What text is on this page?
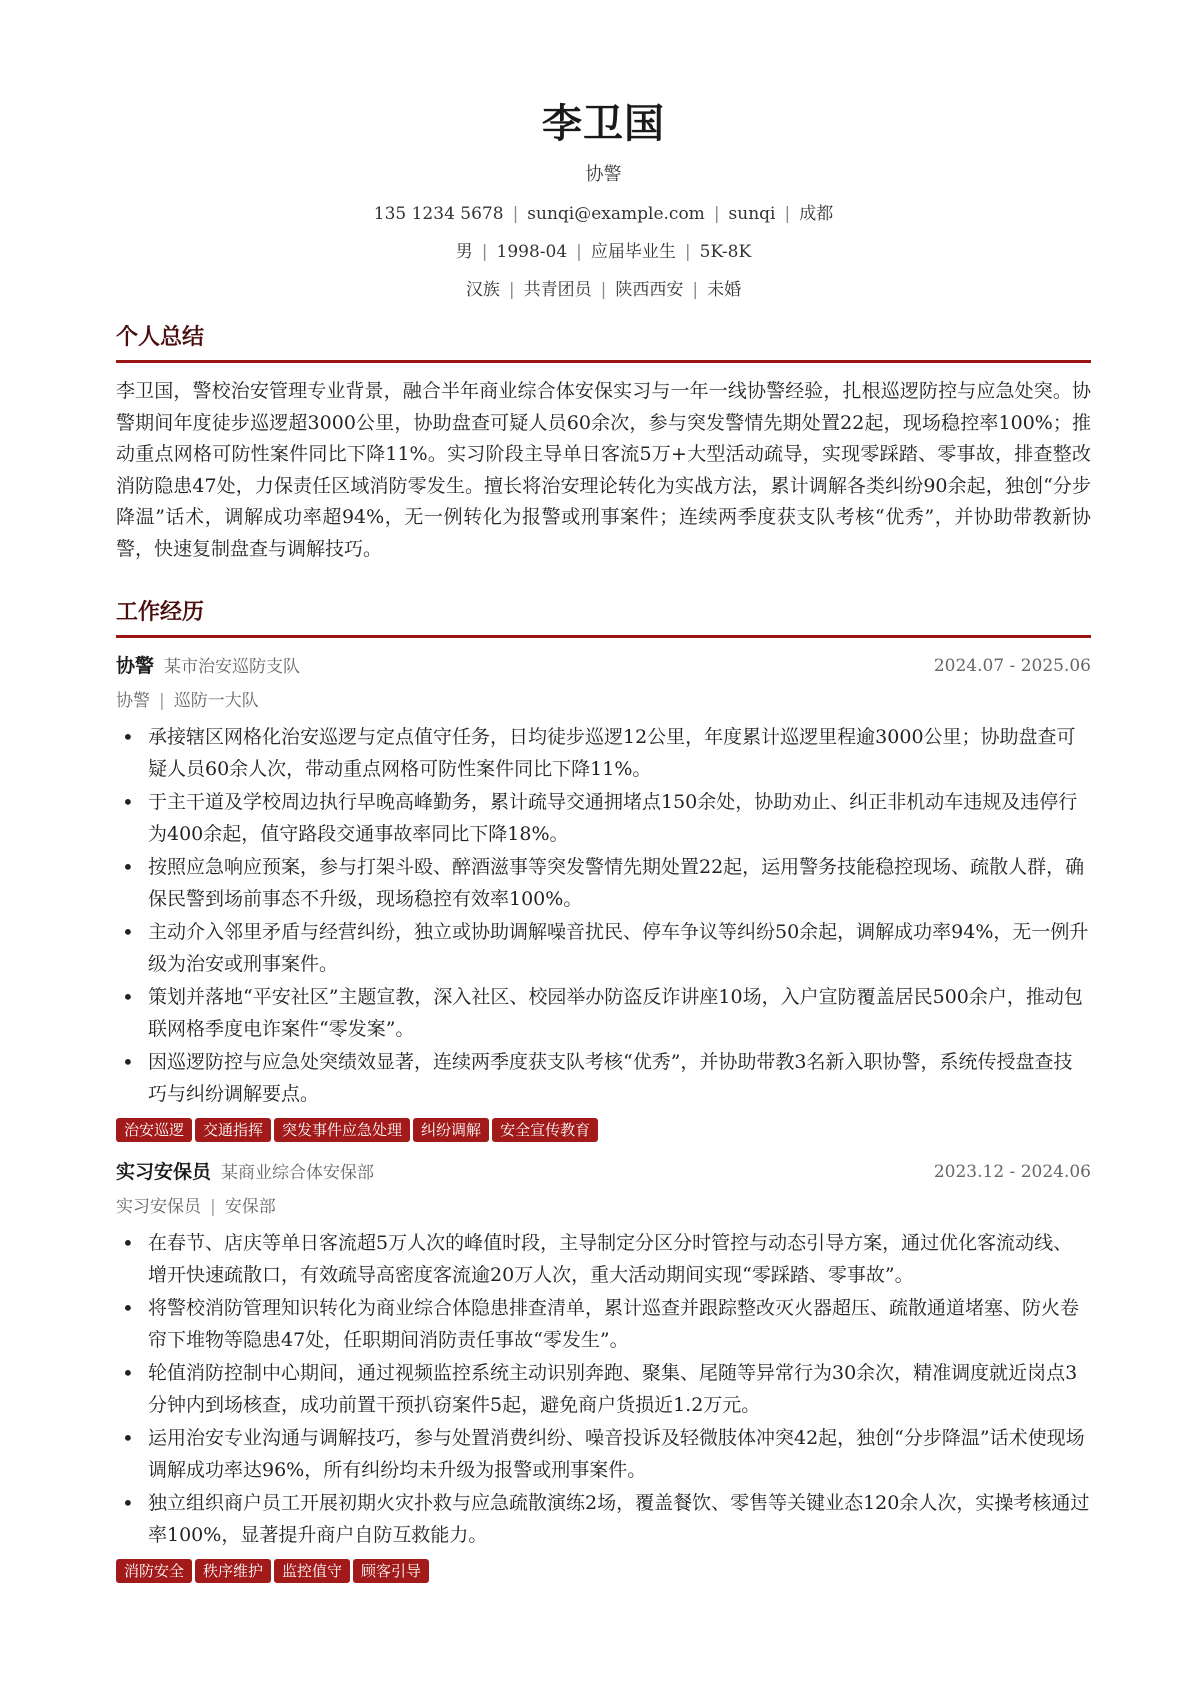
李卫国
协警
135 1234 5678 | sunqi@example.com | sunqi | 成都
男 | 1998-04 | 应届毕业生 | 5K-8K
汉族 | 共青团员 | 陕西西安 | 未婚
个人总结
李卫国，警校治安管理专业背景，融合半年商业综合体安保实习与一年一线协警经验，扎根巡逻防控与应急处突。协警期间年度徒步巡逻超3000公里，协助盘查可疑人员60余次，参与突发警情先期处置22起，现场稳控率100%；推动重点网格可防性案件同比下降11%。实习阶段主导单日客流5万+大型活动疏导，实现零踩踏、零事故，排查整改消防隐患47处，力保责任区域消防零发生。擅长将治安理论转化为实战方法，累计调解各类纠纷90余起，独创“分步降温”话术，调解成功率超94%，无一例转化为报警或刑事案件；连续两季度获支队考核“优秀”，并协助带教新协警，快速复制盘查与调解技巧。
工作经历
协警 某市治安巡防支队	2024.07 - 2025.06
协警 | 巡防一大队
• 承接辖区网格化治安巡逻与定点值守任务，日均徒步巡逻12公里，年度累计巡逻里程逾3000公里；协助盘查可疑人员60余人次，带动重点网格可防性案件同比下降11%。
• 于主干道及学校周边执行早晚高峰勤务，累计疏导交通拥堵点150余处，协助劝止、纠正非机动车违规及违停行为400余起，值守路段交通事故率同比下降18%。
• 按照应急响应预案，参与打架斗殴、醉酒滋事等突发警情先期处置22起，运用警务技能稳控现场、疏散人群，确保民警到场前事态不升级，现场稳控有效率100%。
• 主动介入邻里矛盾与经营纠纷，独立或协助调解噪音扰民、停车争议等纠纷50余起，调解成功率94%，无一例升级为治安或刑事案件。
• 策划并落地“平安社区”主题宣教，深入社区、校园举办防盗反诈讲座10场，入户宣防覆盖居民500余户，推动包联网格季度电诈案件“零发案”。
• 因巡逻防控与应急处突绩效显著，连续两季度获支队考核“优秀”，并协助带教3名新入职协警，系统传授盘查技巧与纠纷调解要点。
治安巡逻 交通指挥 突发事件应急处理 纠纷调解 安全宣传教育
实习安保员 某商业综合体安保部	2023.12 - 2024.06
实习安保员 | 安保部
• 在春节、店庆等单日客流超5万人次的峰值时段，主导制定分区分时管控与动态引导方案，通过优化客流动线、增开快速疏散口，有效疏导高密度客流逾20万人次，重大活动期间实现“零踩踏、零事故”。
• 将警校消防管理知识转化为商业综合体隐患排查清单，累计巡查并跟踪整改灭火器超压、疏散通道堵塞、防火卷帘下堆物等隐患47处，任职期间消防责任事故“零发生”。
• 轮值消防控制中心期间，通过视频监控系统主动识别奔跑、聚集、尾随等异常行为30余次，精准调度就近岗点3分钟内到场核查，成功前置干预扒窃案件5起，避免商户货损近1.2万元。
• 运用治安专业沟通与调解技巧，参与处置消费纠纷、噪音投诉及轻微肢体冲突42起，独创“分步降温”话术使现场调解成功率达96%，所有纠纷均未升级为报警或刑事案件。
• 独立组织商户员工开展初期火灾扑救与应急疏散演练2场，覆盖餐饮、零售等关键业态120余人次，实操考核通过率100%，显著提升商户自防互救能力。
消防安全 秩序维护 监控值守 顾客引导
